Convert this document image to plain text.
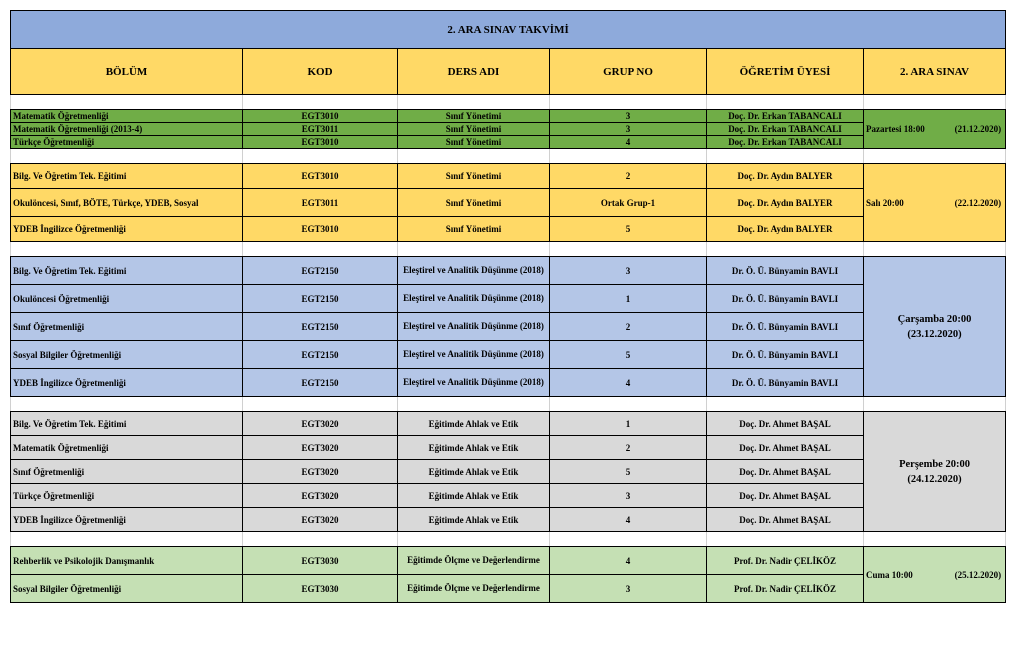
2. ARA SINAV TAKVİMİ					
BÖLÜM	KOD	DERS ADI	GRUP NO	ÖĞRETİM ÜYESİ	2. ARA SINAV

Matematik Öğretmenliği	EGT3010	Sınıf Yönetimi	3	Doç. Dr. Erkan TABANCALI	Pazartesi 18:00 (21.12.2020)

Matematik Öğretmenliği (2013-4)	EGT3011	Sınıf Yönetimi	3	Doç. Dr. Erkan TABANCALI	
Türkçe Öğretmenliği	EGT3010	Sınıf Yönetimi	4	Doç. Dr. Erkan TABANCALI	

Bilg. Ve Öğretim Tek. Eğitimi	EGT3010	Sınıf Yönetimi	2	Doç. Dr. Aydın BALYER	Salı 20:00 (22.12.2020)

Okulöncesi, Sınıf, BÖTE, Türkçe, YDEB, Sosyal	EGT3011	Sınıf Yönetimi	Ortak Grup-1	Doç. Dr. Aydın BALYER	
YDEB İngilizce Öğretmenliği	EGT3010	Sınıf Yönetimi	5	Doç. Dr. Aydın BALYER	

Bilg. Ve Öğretim Tek. Eğitimi	EGT2150	Eleştirel ve Analitik Düşünme (2018)	3	Dr. Ö. Ü. Bünyamin BAVLI	Çarşamba 20:00
(23.12.2020)

Okulöncesi Öğretmenliği	EGT2150	Eleştirel ve Analitik Düşünme (2018)	1	Dr. Ö. Ü. Bünyamin BAVLI	
Sınıf Öğretmenliği	EGT2150	Eleştirel ve Analitik Düşünme (2018)	2	Dr. Ö. Ü. Bünyamin BAVLI	
Sosyal Bilgiler Öğretmenliği	EGT2150	Eleştirel ve Analitik Düşünme (2018)	5	Dr. Ö. Ü. Bünyamin BAVLI	
YDEB İngilizce Öğretmenliği	EGT2150	Eleştirel ve Analitik Düşünme (2018)	4	Dr. Ö. Ü. Bünyamin BAVLI	

Bilg. Ve Öğretim Tek. Eğitimi	EGT3020	Eğitimde Ahlak ve Etik	1	Doç. Dr. Ahmet BAŞAL	Perşembe 20:00
(24.12.2020)

Matematik Öğretmenliği	EGT3020	Eğitimde Ahlak ve Etik	2	Doç. Dr. Ahmet BAŞAL	
Sınıf Öğretmenliği	EGT3020	Eğitimde Ahlak ve Etik	5	Doç. Dr. Ahmet BAŞAL	
Türkçe Öğretmenliği	EGT3020	Eğitimde Ahlak ve Etik	3	Doç. Dr. Ahmet BAŞAL	
YDEB İngilizce Öğretmenliği	EGT3020	Eğitimde Ahlak ve Etik	4	Doç. Dr. Ahmet BAŞAL	

Rehberlik ve Psikolojik Danışmanlık	EGT3030	Eğitimde Ölçme ve Değerlendirme	4	Prof. Dr. Nadir ÇELİKÖZ	Cuma 10:00 (25.12.2020)

Sosyal Bilgiler Öğretmenliği	EGT3030	Eğitimde Ölçme ve Değerlendirme	3	Prof. Dr. Nadir ÇELİKÖZ	
